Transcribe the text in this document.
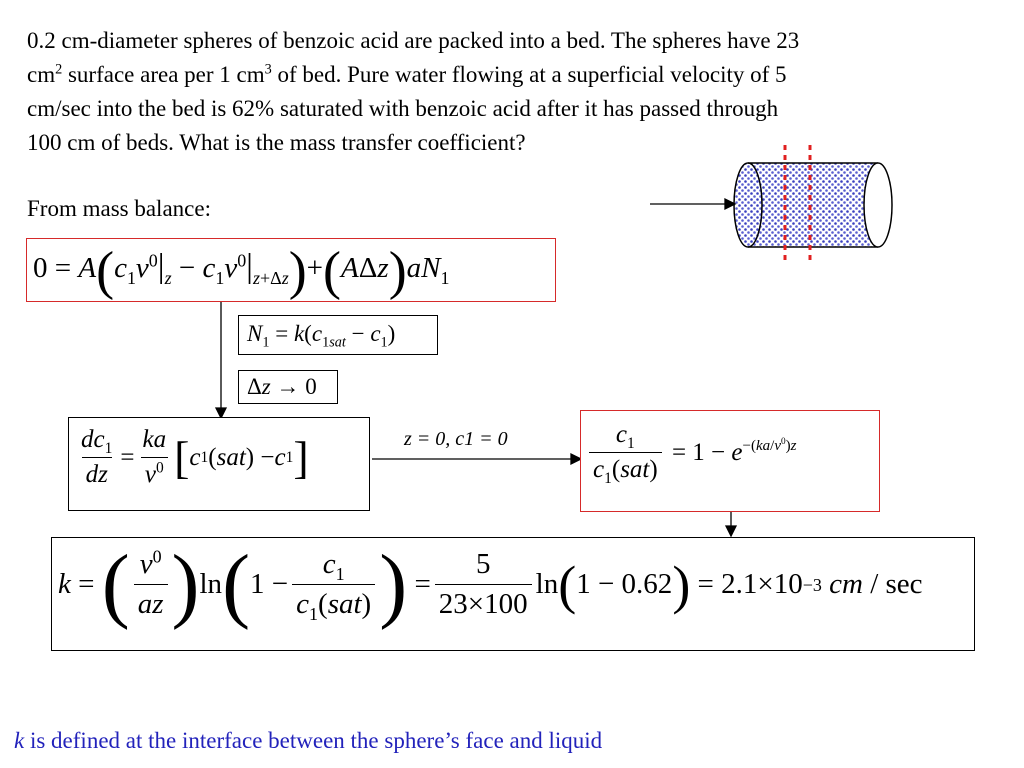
0.2 cm-diameter spheres of benzoic acid are packed into a bed. The spheres have 23
$cm^2$ surface area per 1 $cm^3$ of bed. Pure water flowing at a superficial velocity of 5
cm/sec into the bed is 62% saturated with benzoic acid after it has passed through
100 cm of beds. What is the mass transfer coefficient?
From mass balance:
$0 = A(c_1v^0|_z - c_1v^0|_{z+\Delta z})+(A\Delta z)aN_1$
$N_1 = k(c_{1sat} - c_1)$
Δz → 0
$\frac{dc_1}{dz} = \frac{ka}{v^0}$ [ c 1 ( sat ) − c 1 ]	z = 0, c1 = 0	$\frac{c_1}{c_1(sat)} = 1 - e^{-(ka/v^0)z}$
k = ( $\frac{v^0}{az}$ ) ln ( $1 - \frac{c_1}{c_1(sat)}$ ) = $\frac{5}{23\times 100}$ ln ( 1 − 0.62 ) = 2.1×10 −3
cm / sec
k is defined at the interface between the sphere’s face and liquid
